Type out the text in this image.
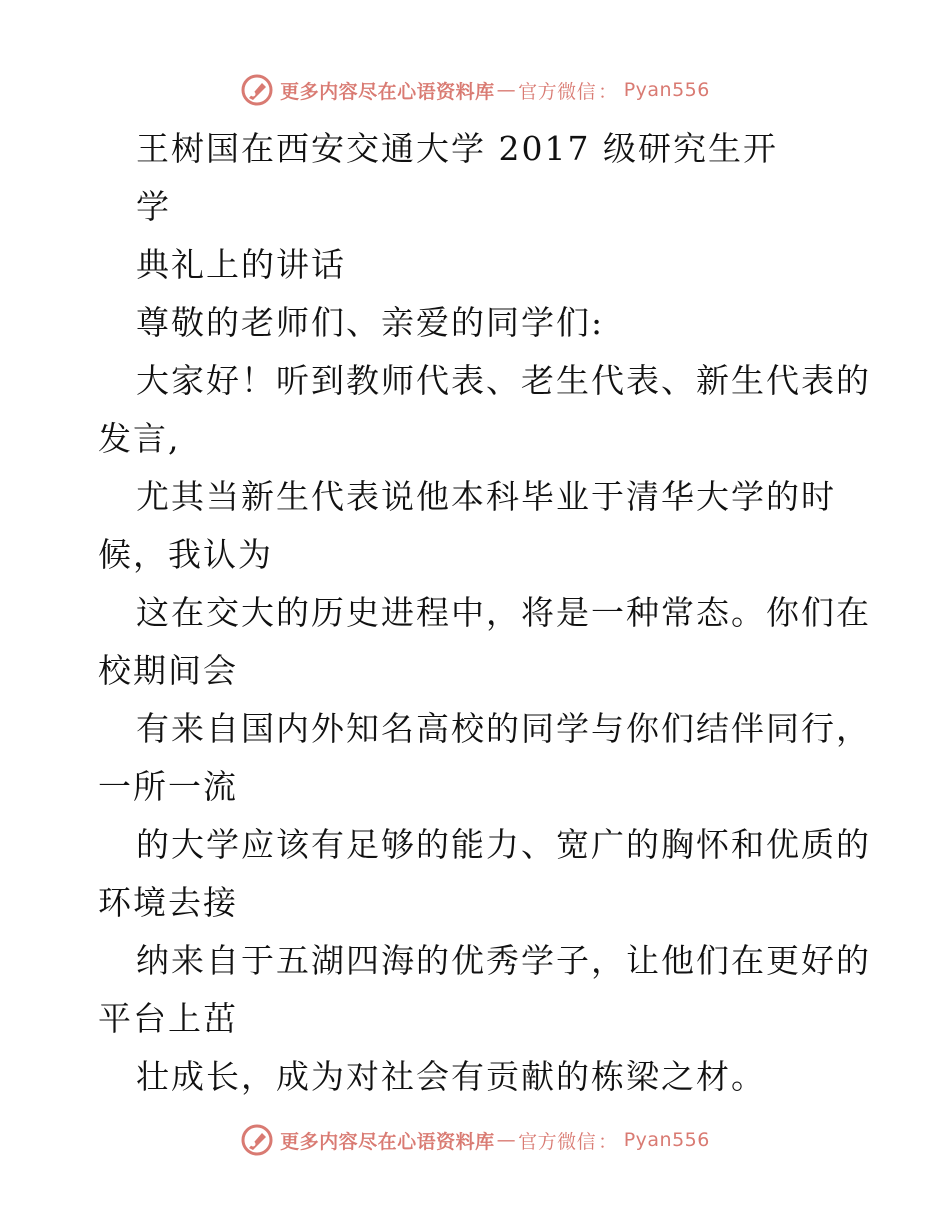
更多内容尽在心语资料库 — 官方微信 ： Pyan556
王树国在西安交通大学 2017 级研究生开
学
典礼上的讲话
尊敬的老师们、亲爱的同学们:
大家好！听到教师代表、老生代表、新生代表的
发言,
尤其当新生代表说他本科毕业于清华大学的时
候，我认为
这在交大的历史进程中，将是一种常态。你们在
校期间会
有来自国内外知名高校的同学与你们结伴同行，
一所一流
的大学应该有足够的能力、宽广的胸怀和优质的
环境去接
纳来自于五湖四海的优秀学子，让他们在更好的
平台上茁
壮成长，成为对社会有贡献的栋梁之材。
更多内容尽在心语资料库 — 官方微信 ： Pyan556
